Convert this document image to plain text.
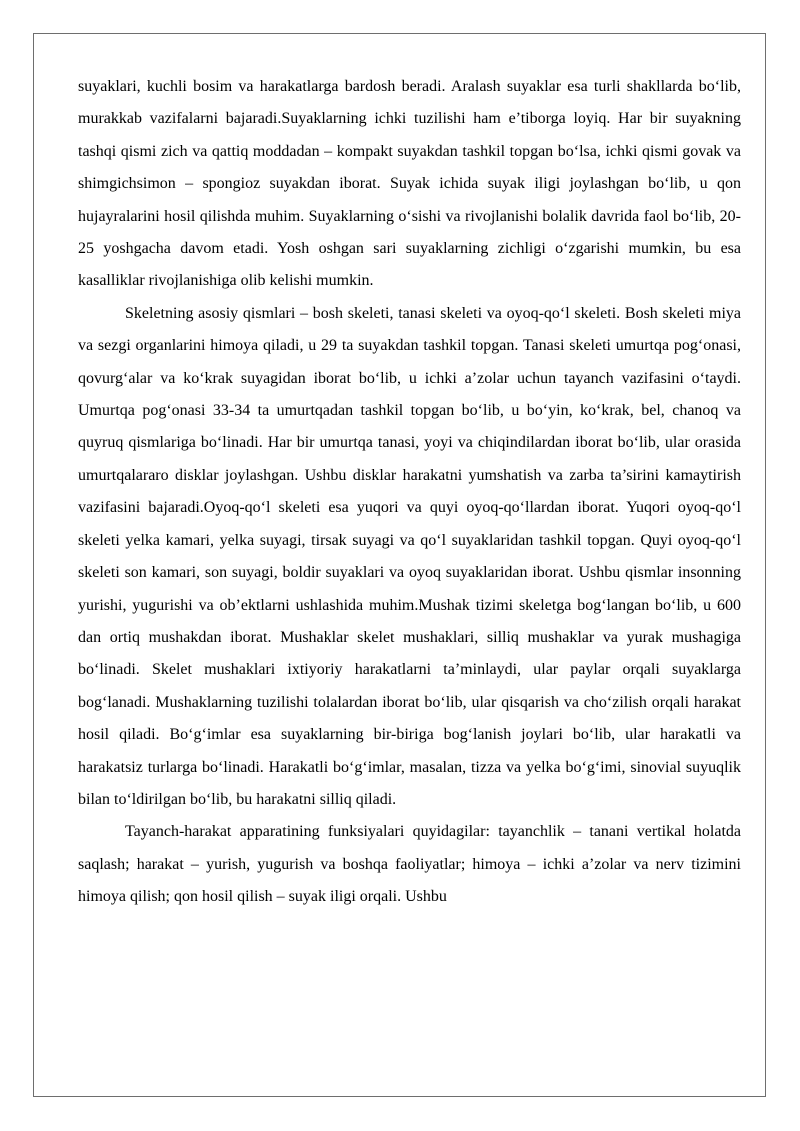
suyaklari, kuchli bosim va harakatlarga bardosh beradi. Aralash suyaklar esa turli shakllarda bo‘lib, murakkab vazifalarni bajaradi.Suyaklarning ichki tuzilishi ham e’tiborga loyiq. Har bir suyakning tashqi qismi zich va qattiq moddadan – kompakt suyakdan tashkil topgan bo‘lsa, ichki qismi govak va shimgichsimon – spongioz suyakdan iborat. Suyak ichida suyak iligi joylashgan bo‘lib, u qon hujayralarini hosil qilishda muhim. Suyaklarning o‘sishi va rivojlanishi bolalik davrida faol bo‘lib, 20-25 yoshgacha davom etadi. Yosh oshgan sari suyaklarning zichligi o‘zgarishi mumkin, bu esa kasalliklar rivojlanishiga olib kelishi mumkin.

Skeletning asosiy qismlari – bosh skeleti, tanasi skeleti va oyoq-qo‘l skeleti. Bosh skeleti miya va sezgi organlarini himoya qiladi, u 29 ta suyakdan tashkil topgan. Tanasi skeleti umurtqa pog‘onasi, qovurg‘alar va ko‘krak suyagidan iborat bo‘lib, u ichki a’zolar uchun tayanch vazifasini o‘taydi. Umurtqa pog‘onasi 33-34 ta umurtqadan tashkil topgan bo‘lib, u bo‘yin, ko‘krak, bel, chanoq va quyruq qismlariga bo‘linadi. Har bir umurtqa tanasi, yoyi va chiqindilardan iborat bo‘lib, ular orasida umurtqalararo disklar joylashgan. Ushbu disklar harakatni yumshatish va zarba ta’sirini kamaytirish vazifasini bajaradi.Oyoq-qo‘l skeleti esa yuqori va quyi oyoq-qo‘llardan iborat. Yuqori oyoq-qo‘l skeleti yelka kamari, yelka suyagi, tirsak suyagi va qo‘l suyaklaridan tashkil topgan. Quyi oyoq-qo‘l skeleti son kamari, son suyagi, boldir suyaklari va oyoq suyaklaridan iborat. Ushbu qismlar insonning yurishi, yugurishi va ob’ektlarni ushlashida muhim.Mushak tizimi skeletga bog‘langan bo‘lib, u 600 dan ortiq mushakdan iborat. Mushaklar skelet mushaklari, silliq mushaklar va yurak mushagiga bo‘linadi. Skelet mushaklari ixtiyoriy harakatlarni ta’minlaydi, ular paylar orqali suyaklarga bog‘lanadi. Mushaklarning tuzilishi tolalardan iborat bo‘lib, ular qisqarish va cho‘zilish orqali harakat hosil qiladi. Bo‘g‘imlar esa suyaklarning bir-biriga bog‘lanish joylari bo‘lib, ular harakatli va harakatsiz turlarga bo‘linadi. Harakatli bo‘g‘imlar, masalan, tizza va yelka bo‘g‘imi, sinovial suyuqlik bilan to‘ldirilgan bo‘lib, bu harakatni silliq qiladi.

Tayanch-harakat apparatining funksiyalari quyidagilar: tayanchlik – tanani vertikal holatda saqlash; harakat – yurish, yugurish va boshqa faoliyatlar; himoya – ichki a’zolar va nerv tizimini himoya qilish; qon hosil qilish – suyak iligi orqali. Ushbu
